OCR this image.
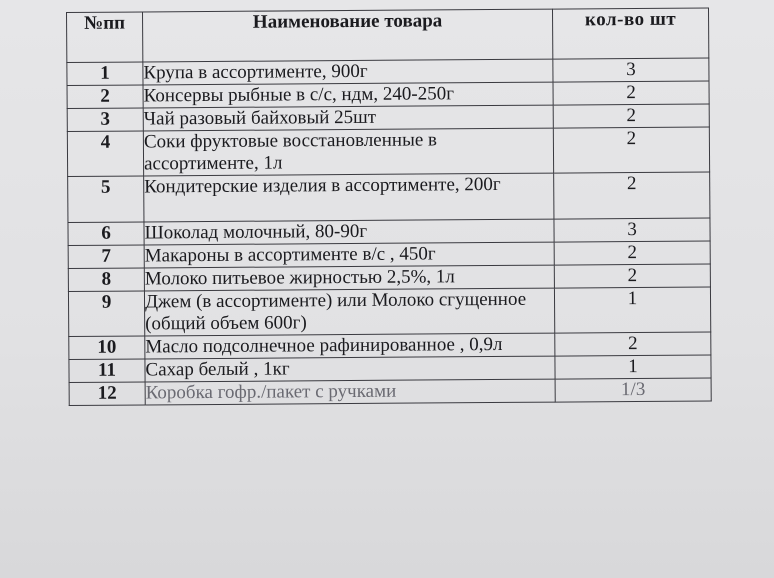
№пп	Наименование товара	кол-во шт
1	Крупа в ассортименте, 900г	3
2	Консервы рыбные в с/с, ндм, 240-250г	2
3	Чай разовый байховый 25шт	2
4	Соки фруктовые восстановленные в ассортименте, 1л	2
5	Кондитерские изделия в ассортименте, 200г	2
6	Шоколад молочный, 80-90г	3
7	Макароны в ассортименте в/с , 450г	2
8	Молоко питьевое жирностью 2,5%, 1л	2
9	Джем (в ассортименте) или Молоко сгущенное (общий объем 600г)	1
10	Масло подсолнечное рафинированное , 0,9л	2
11	Сахар белый , 1кг	1
12	Коробка гофр./пакет с ручками	1/3
